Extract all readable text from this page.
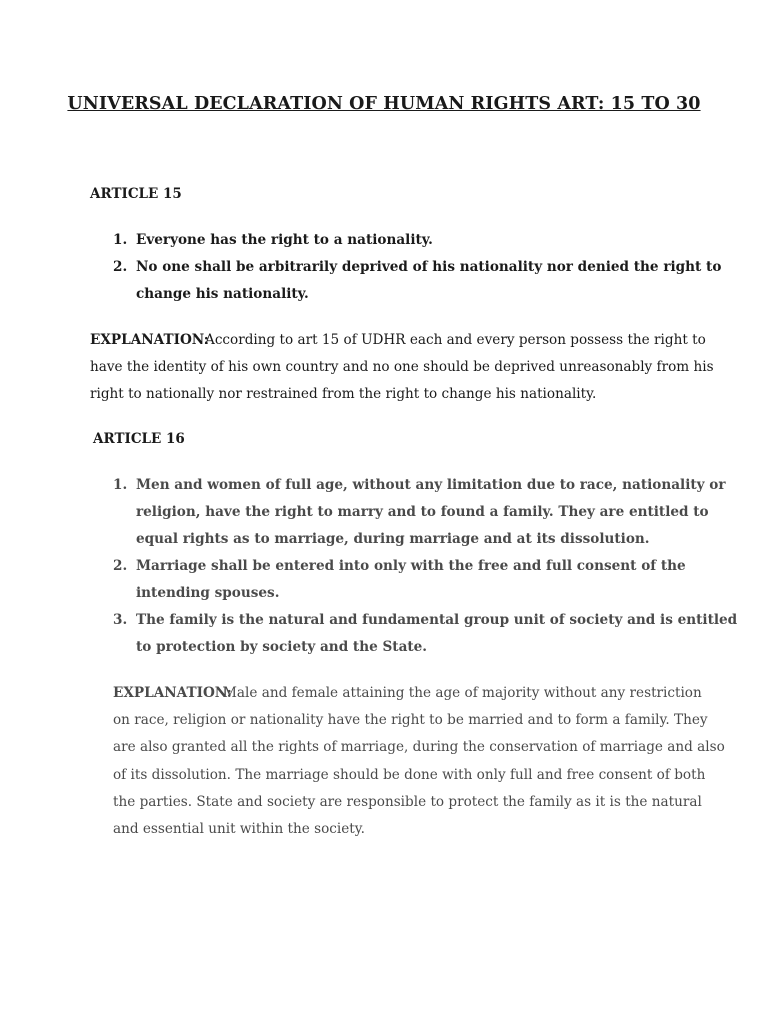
UNIVERSAL DECLARATION OF HUMAN RIGHTS ART: 15 TO 30
ARTICLE 15
1. Everyone has the right to a nationality.
2. No one shall be arbitrarily deprived of his nationality nor denied the right to
change his nationality.
EXPLANATION:
According to art 15 of UDHR each and every person possess the right to
have the identity of his own country and no one should be deprived unreasonably from his
right to nationally nor restrained from the right to change his nationality.
ARTICLE 16
1. Men and women of full age, without any limitation due to race, nationality or
religion, have the right to marry and to found a family. They are entitled to
equal rights as to marriage, during marriage and at its dissolution.
2. Marriage shall be entered into only with the free and full consent of the
intending spouses.
3. The family is the natural and fundamental group unit of society and is entitled
to protection by society and the State.
EXPLANATION:
Male and female attaining the age of majority without any restriction
on race, religion or nationality have the right to be married and to form a family. They
are also granted all the rights of marriage, during the conservation of marriage and also
of its dissolution. The marriage should be done with only full and free consent of both
the parties. State and society are responsible to protect the family as it is the natural
and essential unit within the society.
